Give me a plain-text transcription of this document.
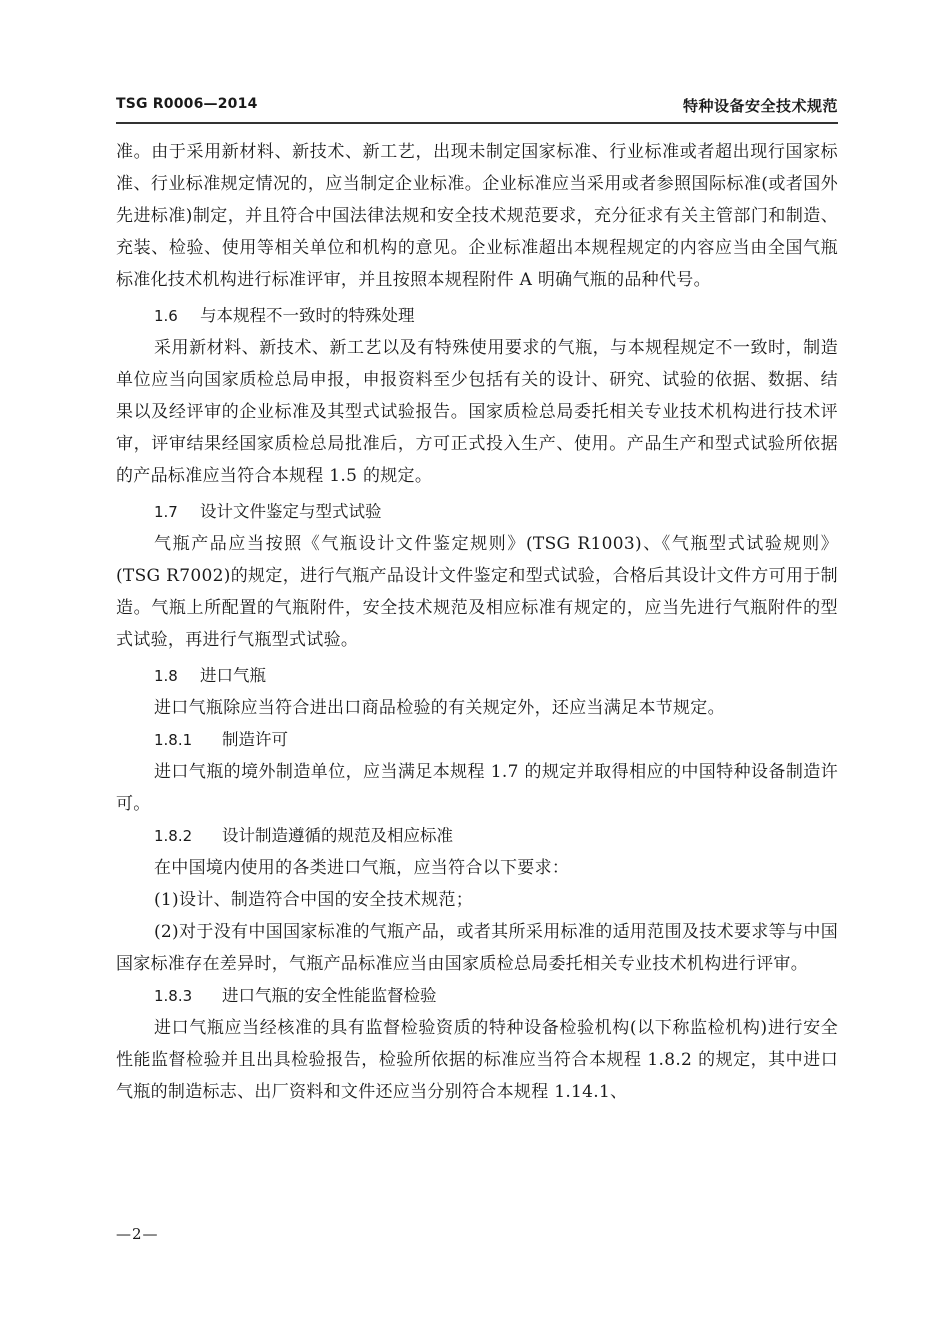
TSG R0006—2014	特种设备安全技术规范

准。由于采用新材料、新技术、新工艺，出现未制定国家标准、行业标准或者超出现行国家标准、行业标准规定情况的，应当制定企业标准。企业标准应当采用或者参照国际标准(或者国外先进标准)制定，并且符合中国法律法规和安全技术规范要求，充分征求有关主管部门和制造、充装、检验、使用等相关单位和机构的意见。企业标准超出本规程规定的内容应当由全国气瓶标准化技术机构进行标准评审，并且按照本规程附件 A 明确气瓶的品种代号。

1.6 与本规程不一致时的特殊处理

采用新材料、新技术、新工艺以及有特殊使用要求的气瓶，与本规程规定不一致时，制造单位应当向国家质检总局申报，申报资料至少包括有关的设计、研究、试验的依据、数据、结果以及经评审的企业标准及其型式试验报告。国家质检总局委托相关专业技术机构进行技术评审，评审结果经国家质检总局批准后，方可正式投入生产、使用。产品生产和型式试验所依据的产品标准应当符合本规程 1.5 的规定。

1.7 设计文件鉴定与型式试验

气瓶产品应当按照《气瓶设计文件鉴定规则》(TSG R1003)、《气瓶型式试验规则》(TSG R7002)的规定，进行气瓶产品设计文件鉴定和型式试验，合格后其设计文件方可用于制造。气瓶上所配置的气瓶附件，安全技术规范及相应标准有规定的，应当先进行气瓶附件的型式试验，再进行气瓶型式试验。

1.8 进口气瓶

进口气瓶除应当符合进出口商品检验的有关规定外，还应当满足本节规定。

1.8.1 制造许可

进口气瓶的境外制造单位，应当满足本规程 1.7 的规定并取得相应的中国特种设备制造许可。

1.8.2 设计制造遵循的规范及相应标准

在中国境内使用的各类进口气瓶，应当符合以下要求：

(1)设计、制造符合中国的安全技术规范；

(2)对于没有中国国家标准的气瓶产品，或者其所采用标准的适用范围及技术要求等与中国国家标准存在差异时，气瓶产品标准应当由国家质检总局委托相关专业技术机构进行评审。

1.8.3 进口气瓶的安全性能监督检验

进口气瓶应当经核准的具有监督检验资质的特种设备检验机构(以下称监检机构)进行安全性能监督检验并且出具检验报告，检验所依据的标准应当符合本规程 1.8.2 的规定，其中进口气瓶的制造标志、出厂资料和文件还应当分别符合本规程 1.14.1、

—2—
